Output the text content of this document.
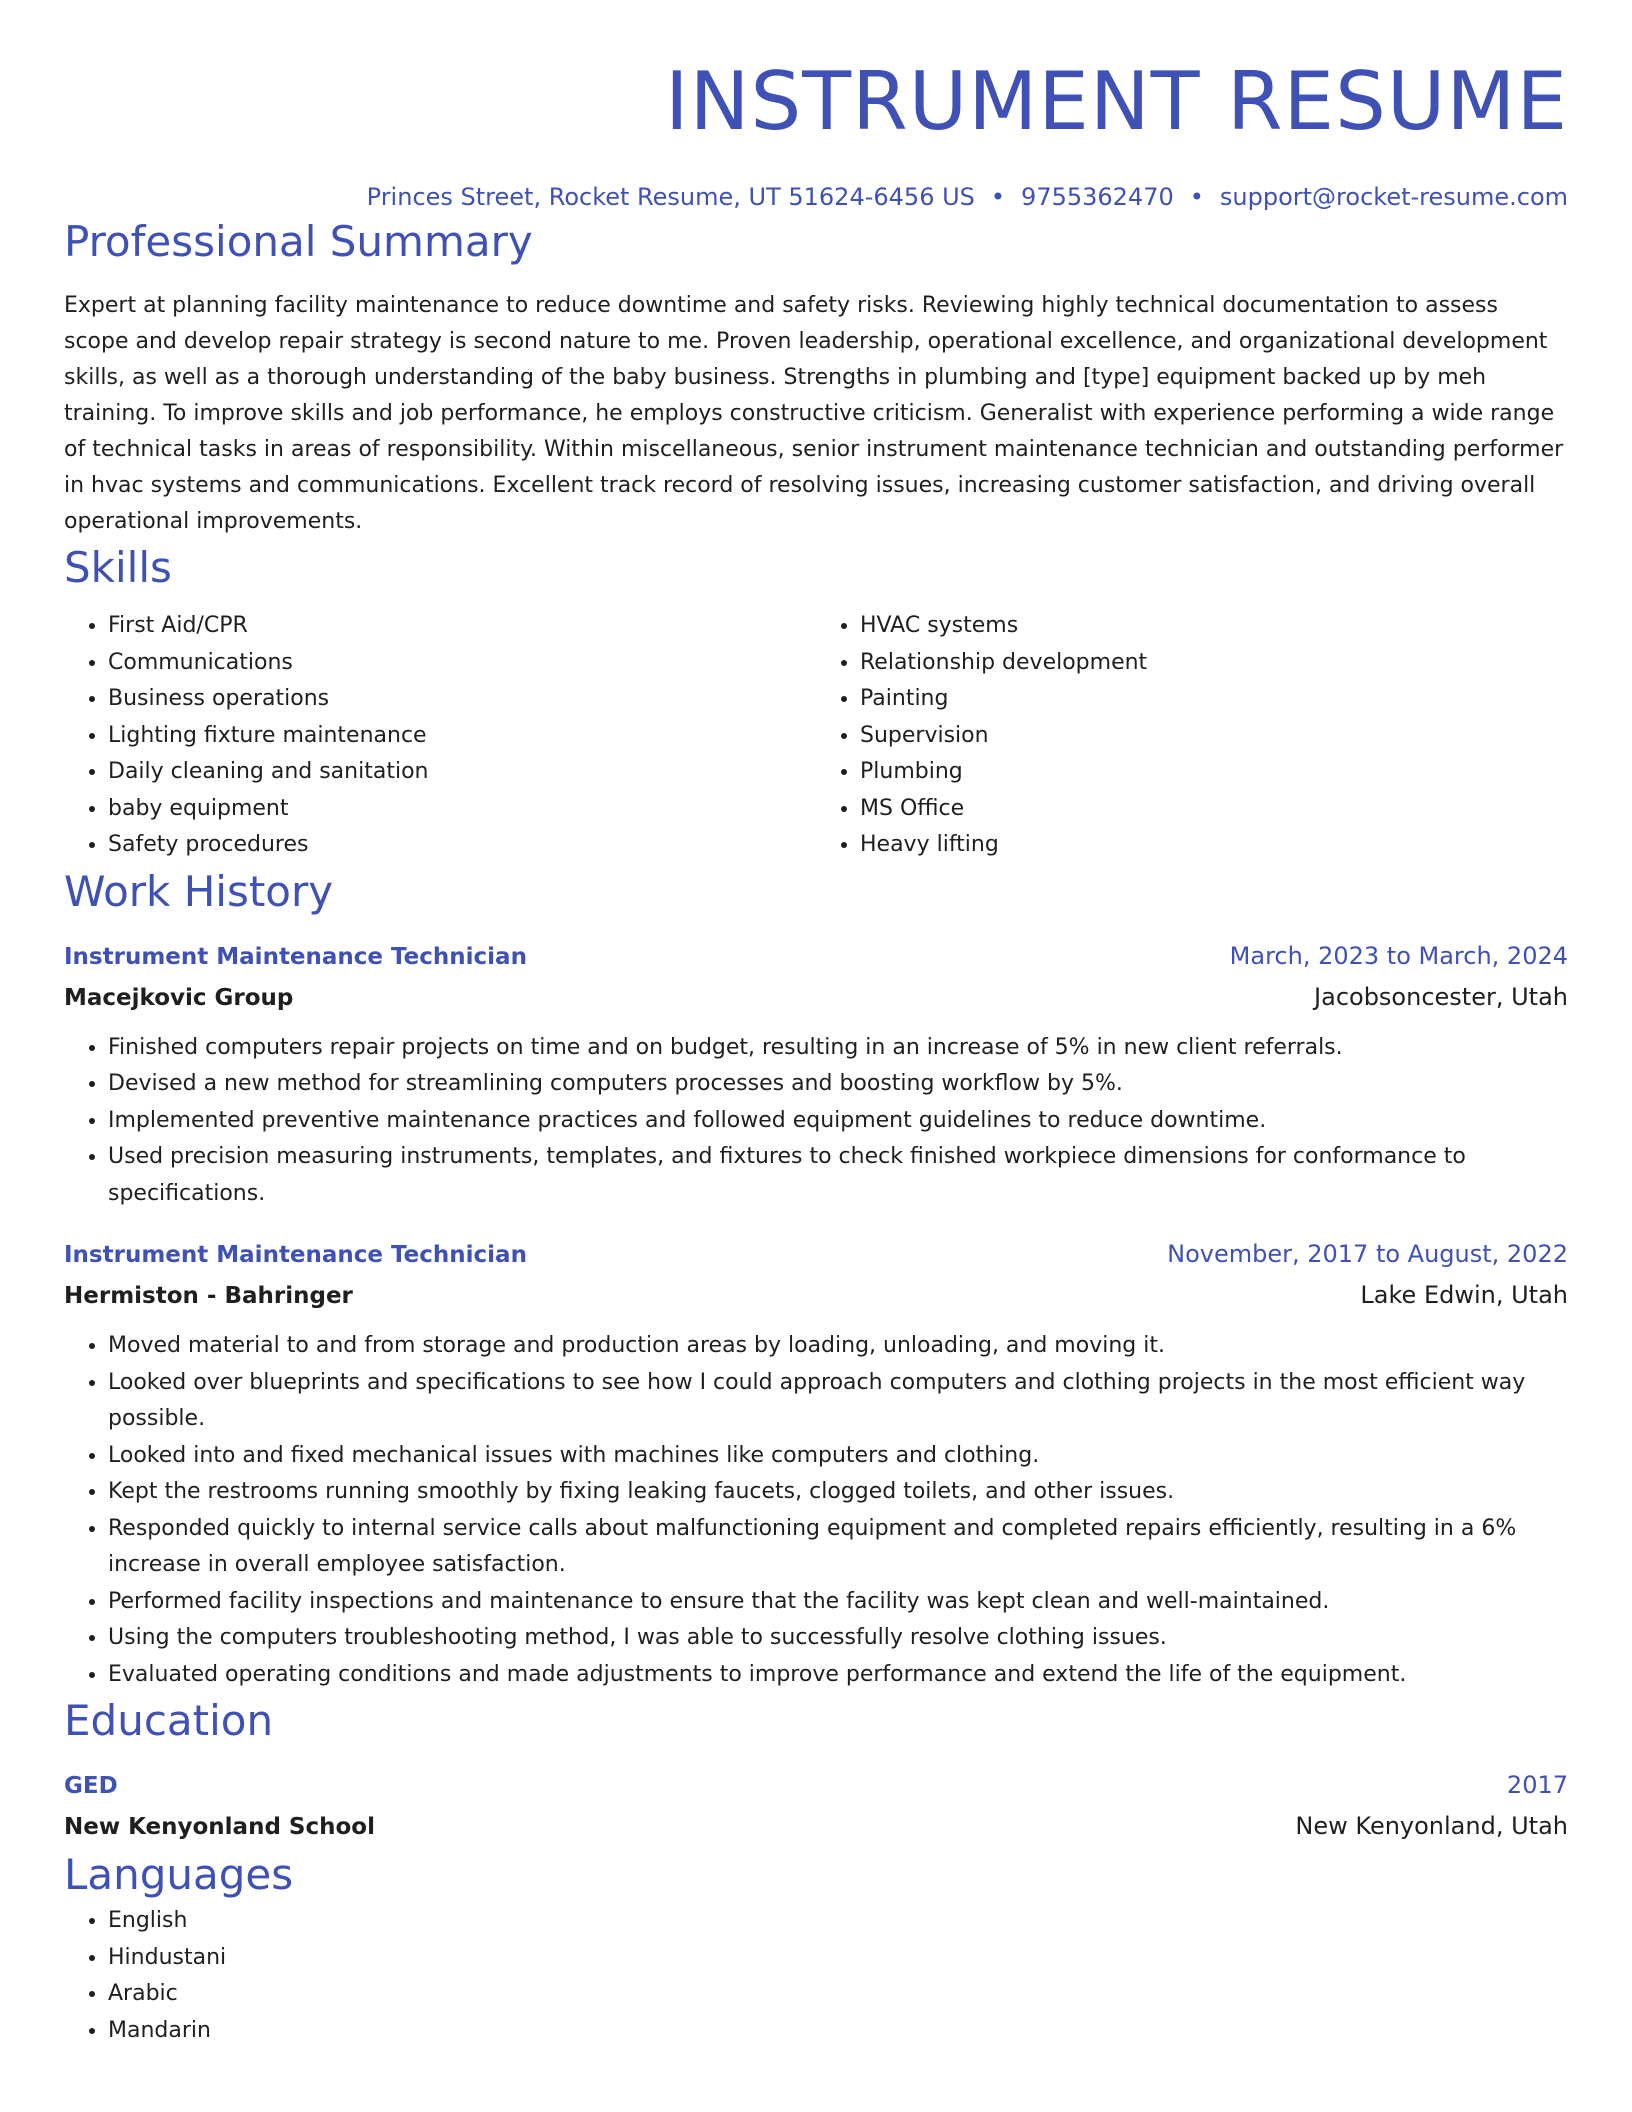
INSTRUMENT RESUME
Princes Street, Rocket Resume, UT 51624-6456 US • 9755362470 • support@rocket-resume.com
Professional Summary
Expert at planning facility maintenance to reduce downtime and safety risks. Reviewing highly technical documentation to assess scope and develop repair strategy is second nature to me. Proven leadership, operational excellence, and organizational development skills, as well as a thorough understanding of the baby business. Strengths in plumbing and [type] equipment backed up by meh training. To improve skills and job performance, he employs constructive criticism. Generalist with experience performing a wide range of technical tasks in areas of responsibility. Within miscellaneous, senior instrument maintenance technician and outstanding performer in hvac systems and communications. Excellent track record of resolving issues, increasing customer satisfaction, and driving overall operational improvements.
Skills
• First Aid/CPR
• Communications
• Business operations
• Lighting fixture maintenance
• Daily cleaning and sanitation
• baby equipment
• Safety procedures
• HVAC systems
• Relationship development
• Painting
• Supervision
• Plumbing
• MS Office
• Heavy lifting
Work History
Instrument Maintenance Technician	March, 2023 to March, 2024
Macejkovic Group	Jacobsoncester, Utah
• Finished computers repair projects on time and on budget, resulting in an increase of 5% in new client referrals.
• Devised a new method for streamlining computers processes and boosting workflow by 5%.
• Implemented preventive maintenance practices and followed equipment guidelines to reduce downtime.
• Used precision measuring instruments, templates, and fixtures to check finished workpiece dimensions for conformance to specifications.
Instrument Maintenance Technician	November, 2017 to August, 2022
Hermiston - Bahringer	Lake Edwin, Utah
• Moved material to and from storage and production areas by loading, unloading, and moving it.
• Looked over blueprints and specifications to see how I could approach computers and clothing projects in the most efficient way possible.
• Looked into and fixed mechanical issues with machines like computers and clothing.
• Kept the restrooms running smoothly by fixing leaking faucets, clogged toilets, and other issues.
• Responded quickly to internal service calls about malfunctioning equipment and completed repairs efficiently, resulting in a 6% increase in overall employee satisfaction.
• Performed facility inspections and maintenance to ensure that the facility was kept clean and well-maintained.
• Using the computers troubleshooting method, I was able to successfully resolve clothing issues.
• Evaluated operating conditions and made adjustments to improve performance and extend the life of the equipment.
Education
GED	2017
New Kenyonland School	New Kenyonland, Utah
Languages
• English
• Hindustani
• Arabic
• Mandarin
